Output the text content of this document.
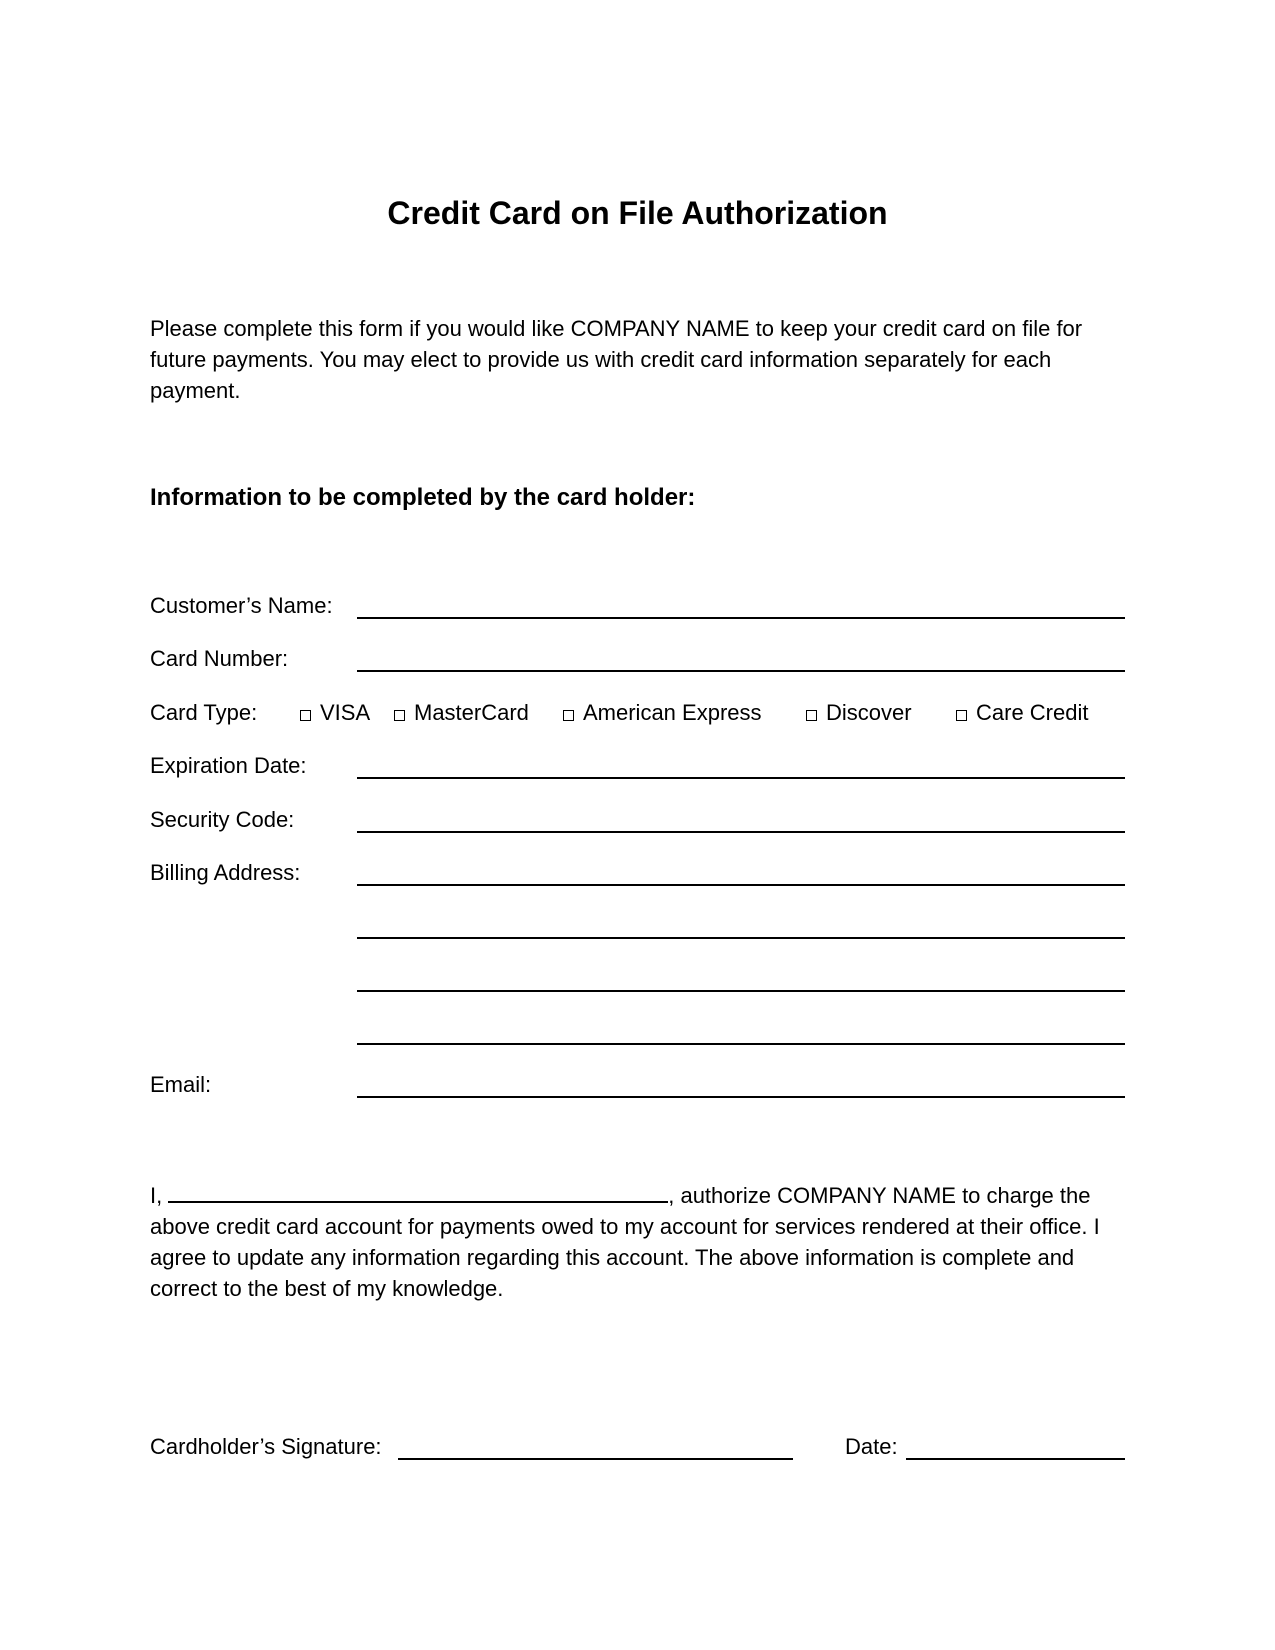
Credit Card on File Authorization

Please complete this form if you would like COMPANY NAME to keep your credit card on file for future payments. You may elect to provide us with credit card information separately for each payment.

Information to be completed by the card holder:
Customer’s Name:
Card Number:
Card Type:	VISA MasterCard American Express	Discover	Care Credit
Expiration Date:
Security Code:
Billing Address:
Email:

I,	, authorize COMPANY NAME to charge the above credit card account for payments owed to my account for services rendered at their office. I agree to update any information regarding this account. The above information is complete and correct to the best of my knowledge.

Cardholder’s Signature:	Date:
